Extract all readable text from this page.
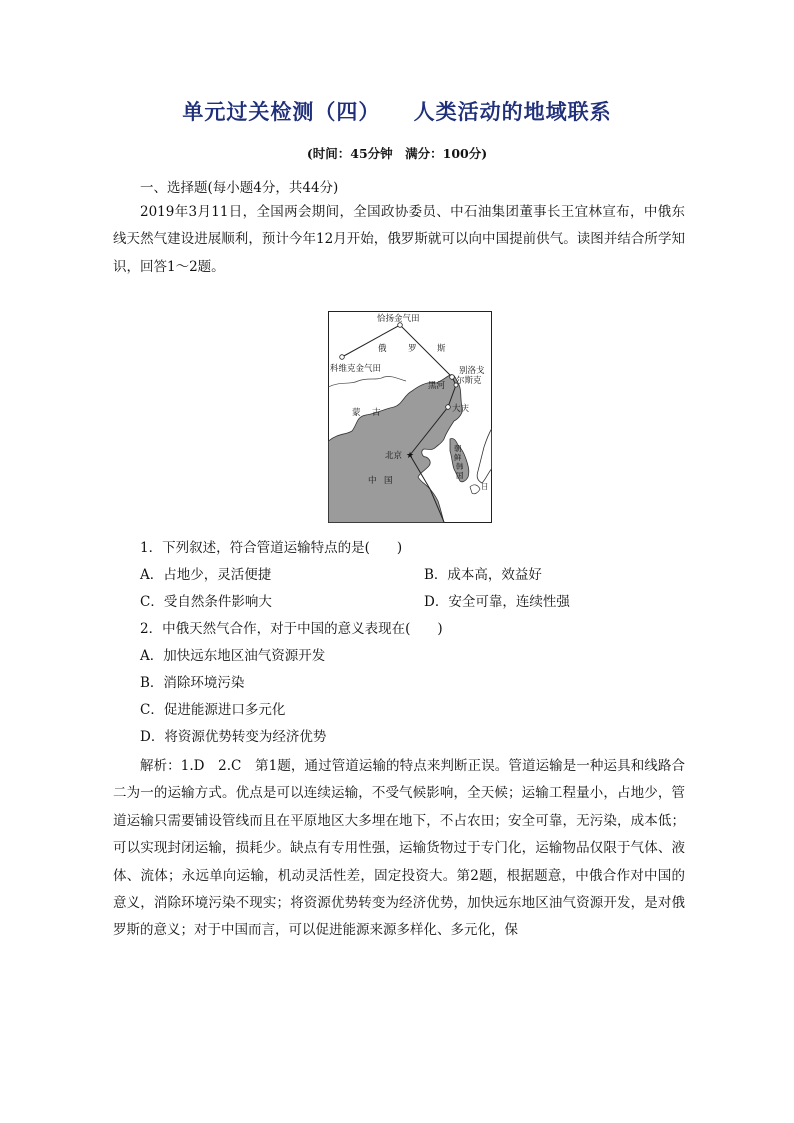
单元过关检测（四）    人类活动的地域联系
(时间：45分钟　满分：100分)
一、选择题(每小题4分，共44分)

2019年3月11日，全国两会期间，全国政协委员、中石油集团董事长王宜林宣布，中俄东线天然气建设进展顺利，预计今年12月开始，俄罗斯就可以向中国提前供气。读图并结合所学知识，回答1～2题。

★
恰扬金气田
俄	罗 斯
科维克金气田	别洛戈
尔斯克
黑河
大庆
蒙 古
北京
中 国
朝
鲜
韩
国
日
1．下列叙述，符合管道运输特点的是(　　)
A．占地少，灵活便捷	B．成本高，效益好
C．受自然条件影响大	D．安全可靠，连续性强
2．中俄天然气合作，对于中国的意义表现在(　　)
A．加快远东地区油气资源开发
B．消除环境污染
C．促进能源进口多元化
D．将资源优势转变为经济优势

解析：1.D　2.C　第1题，通过管道运输的特点来判断正误。管道运输是一种运具和线路合二为一的运输方式。优点是可以连续运输，不受气候影响，全天候；运输工程量小，占地少，管道运输只需要铺设管线而且在平原地区大多埋在地下，不占农田；安全可靠，无污染，成本低；可以实现封闭运输，损耗少。缺点有专用性强，运输货物过于专门化，运输物品仅限于气体、液体、流体；永远单向运输，机动灵活性差，固定投资大。第2题，根据题意，中俄合作对中国的意义，消除环境污染不现实；将资源优势转变为经济优势，加快远东地区油气资源开发，是对俄罗斯的意义；对于中国而言，可以促进能源来源多样化、多元化，保
